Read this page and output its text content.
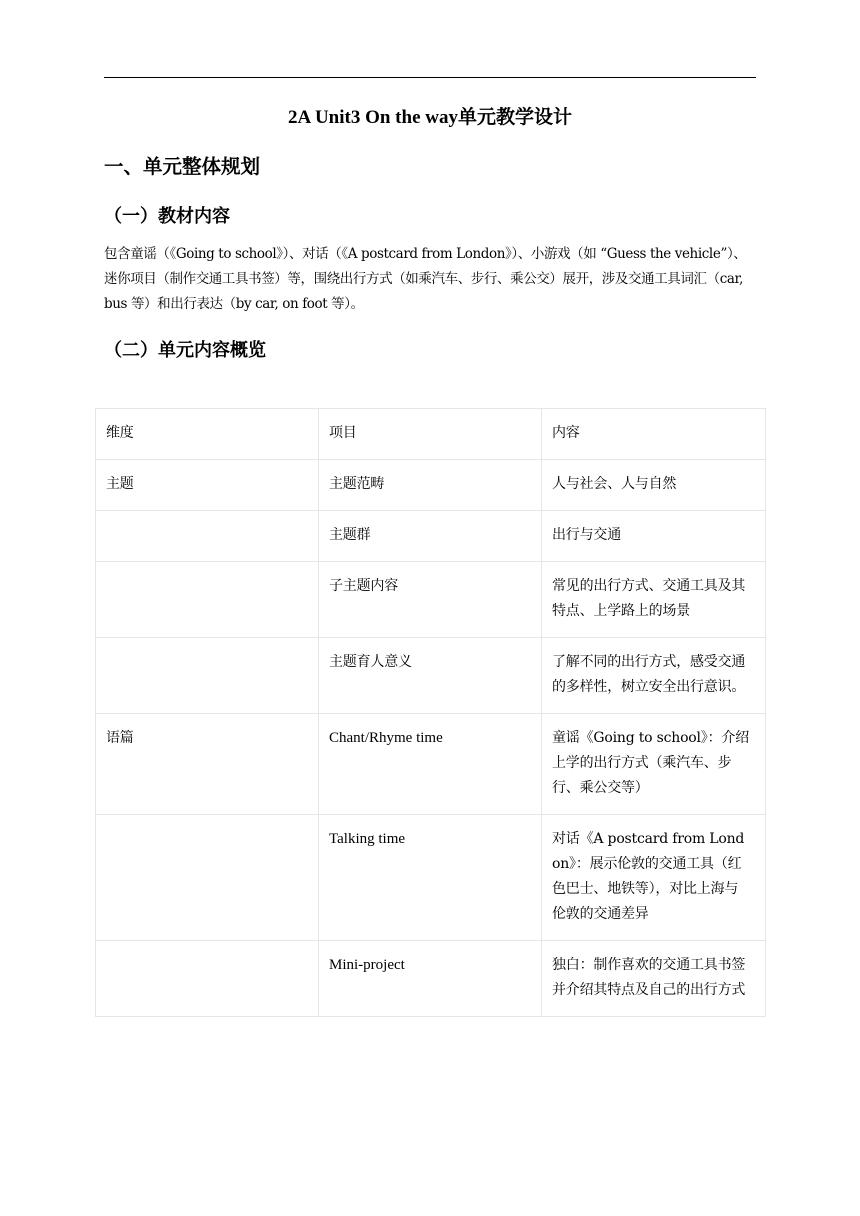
2A Unit3 On the way单元教学设计
一、单元整体规划
（一）教材内容
包含童谣（《Going to school》）、对话（《A postcard from London》）、小游戏（如 “Guess the vehicle”）、迷你项目（制作交通工具书签）等，围绕出行方式（如乘汽车、步行、乘公交）展开，涉及交通工具词汇（car, bus 等）和出行表达（by car, on foot 等）。
（二）单元内容概览
维度	项目	内容
主题	主题范畴	人与社会、人与自然
	主题群	出行与交通
	子主题内容	常见的出行方式、交通工具及其特点、上学路上的场景
	主题育人意义	了解不同的出行方式，感受交通的多样性，树立安全出行意识。
语篇	Chant/Rhyme time	童谣《Going to school》：介绍上学的出行方式（乘汽车、步行、乘公交等）
	Talking time	对话《A postcard from London》：展示伦敦的交通工具（红色巴士、地铁等），对比上海与伦敦的交通差异
	Mini-project	独白：制作喜欢的交通工具书签并介绍其特点及自己的出行方式
